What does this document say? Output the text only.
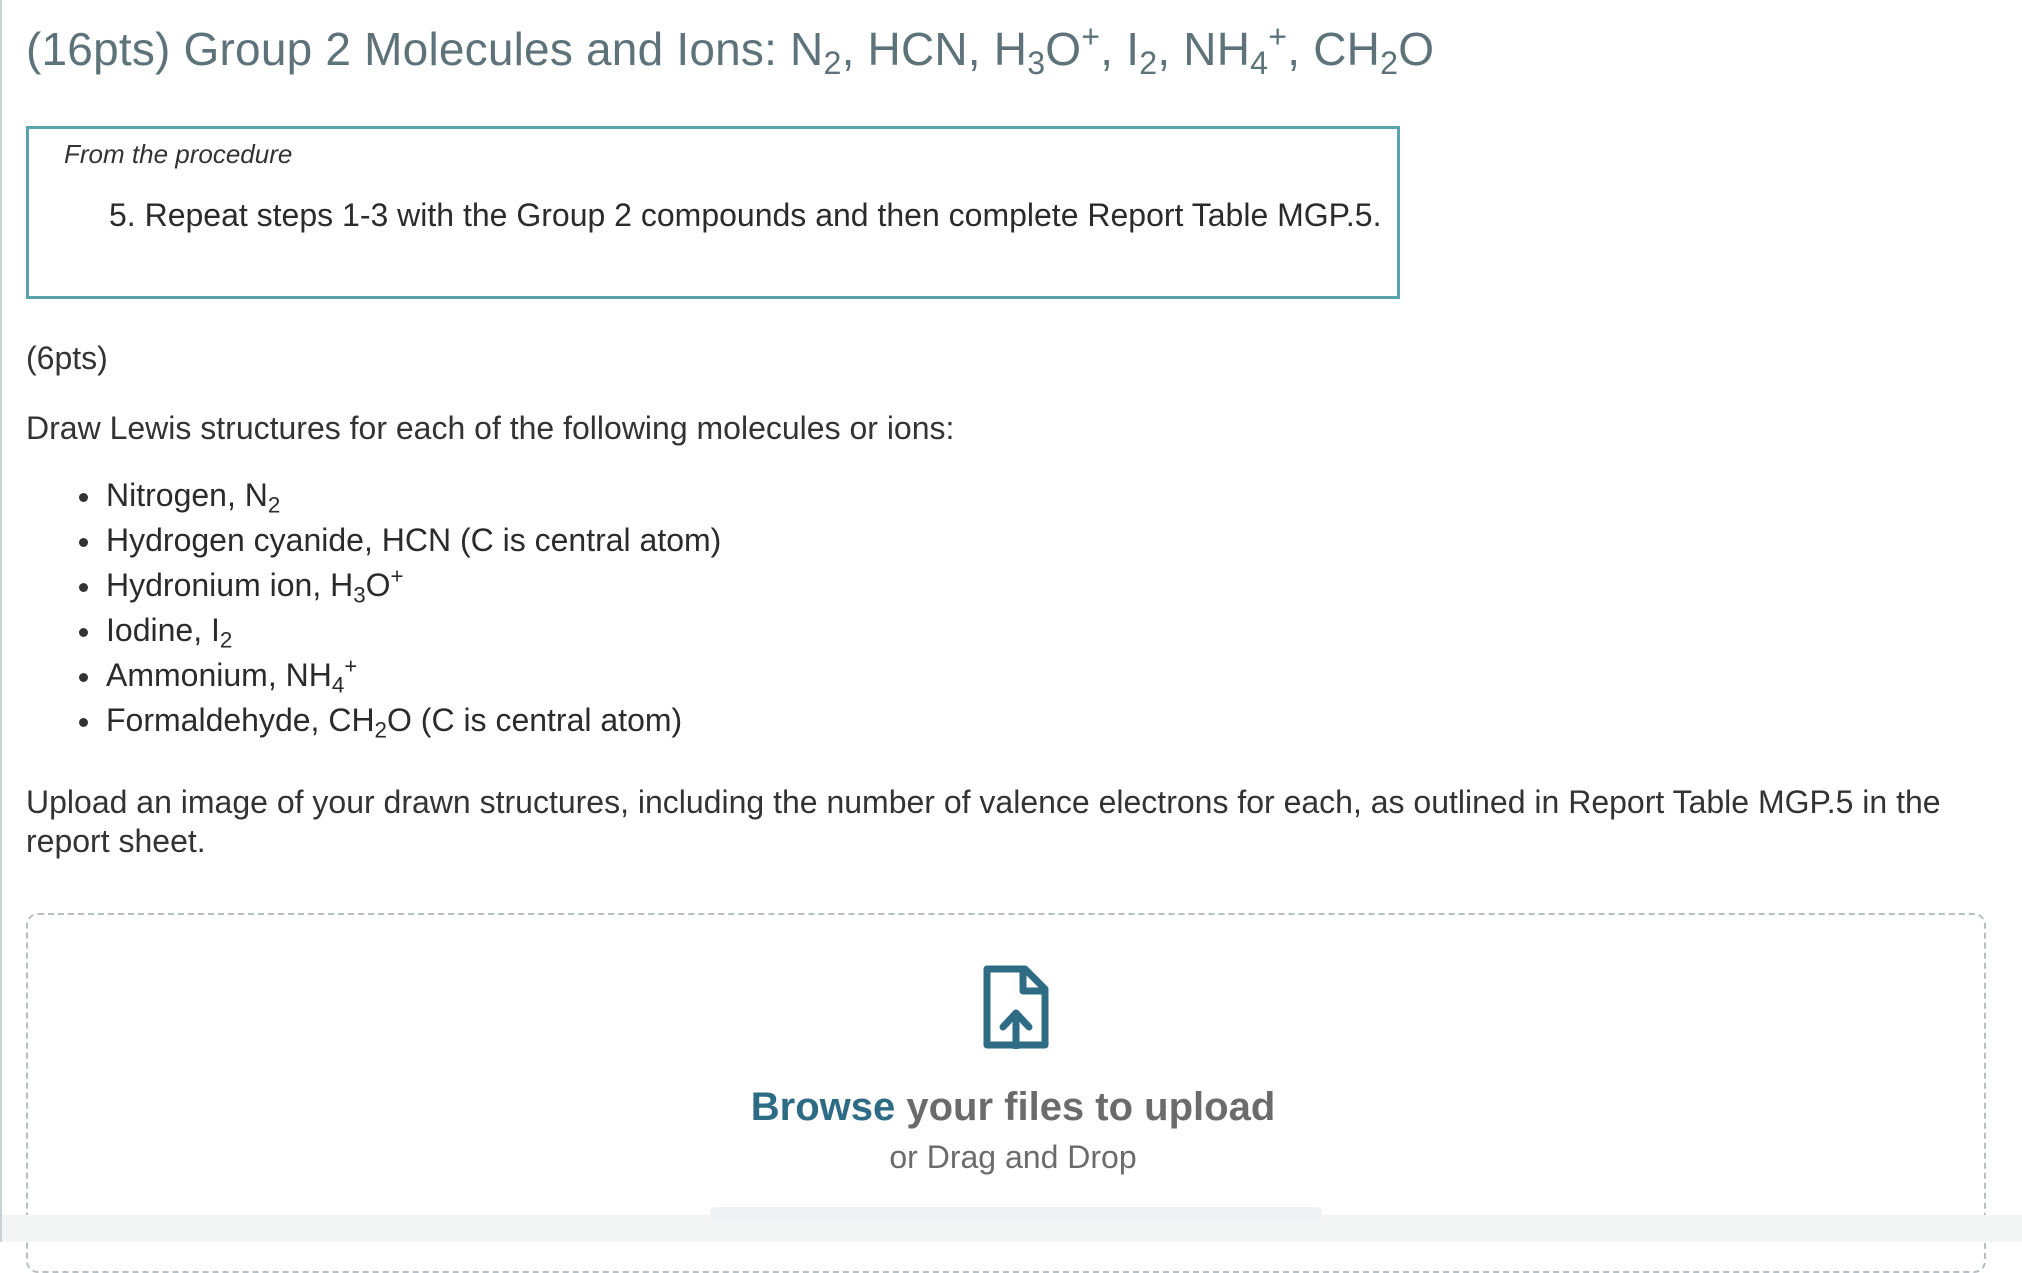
(16pts) Group 2 Molecules and Ions: $N_2$, HCN, $H_3O^+$, $I_2$, $NH_4^+$, $CH_2O$
From the procedure
5. Repeat steps 1-3 with the Group 2 compounds and then complete Report Table MGP.5.
(6pts)
Draw Lewis structures for each of the following molecules or ions:
Nitrogen, $N_2$
Hydrogen cyanide, HCN (C is central atom)
Hydronium ion, $H_3O^+$
Iodine, $I_2$
Ammonium, $NH_4^+$
Formaldehyde, $CH_2O$ (C is central atom)
Upload an image of your drawn structures, including the number of valence electrons for each, as outlined in Report Table MGP.5 in the report sheet.
Browse your files to upload
or Drag and Drop
